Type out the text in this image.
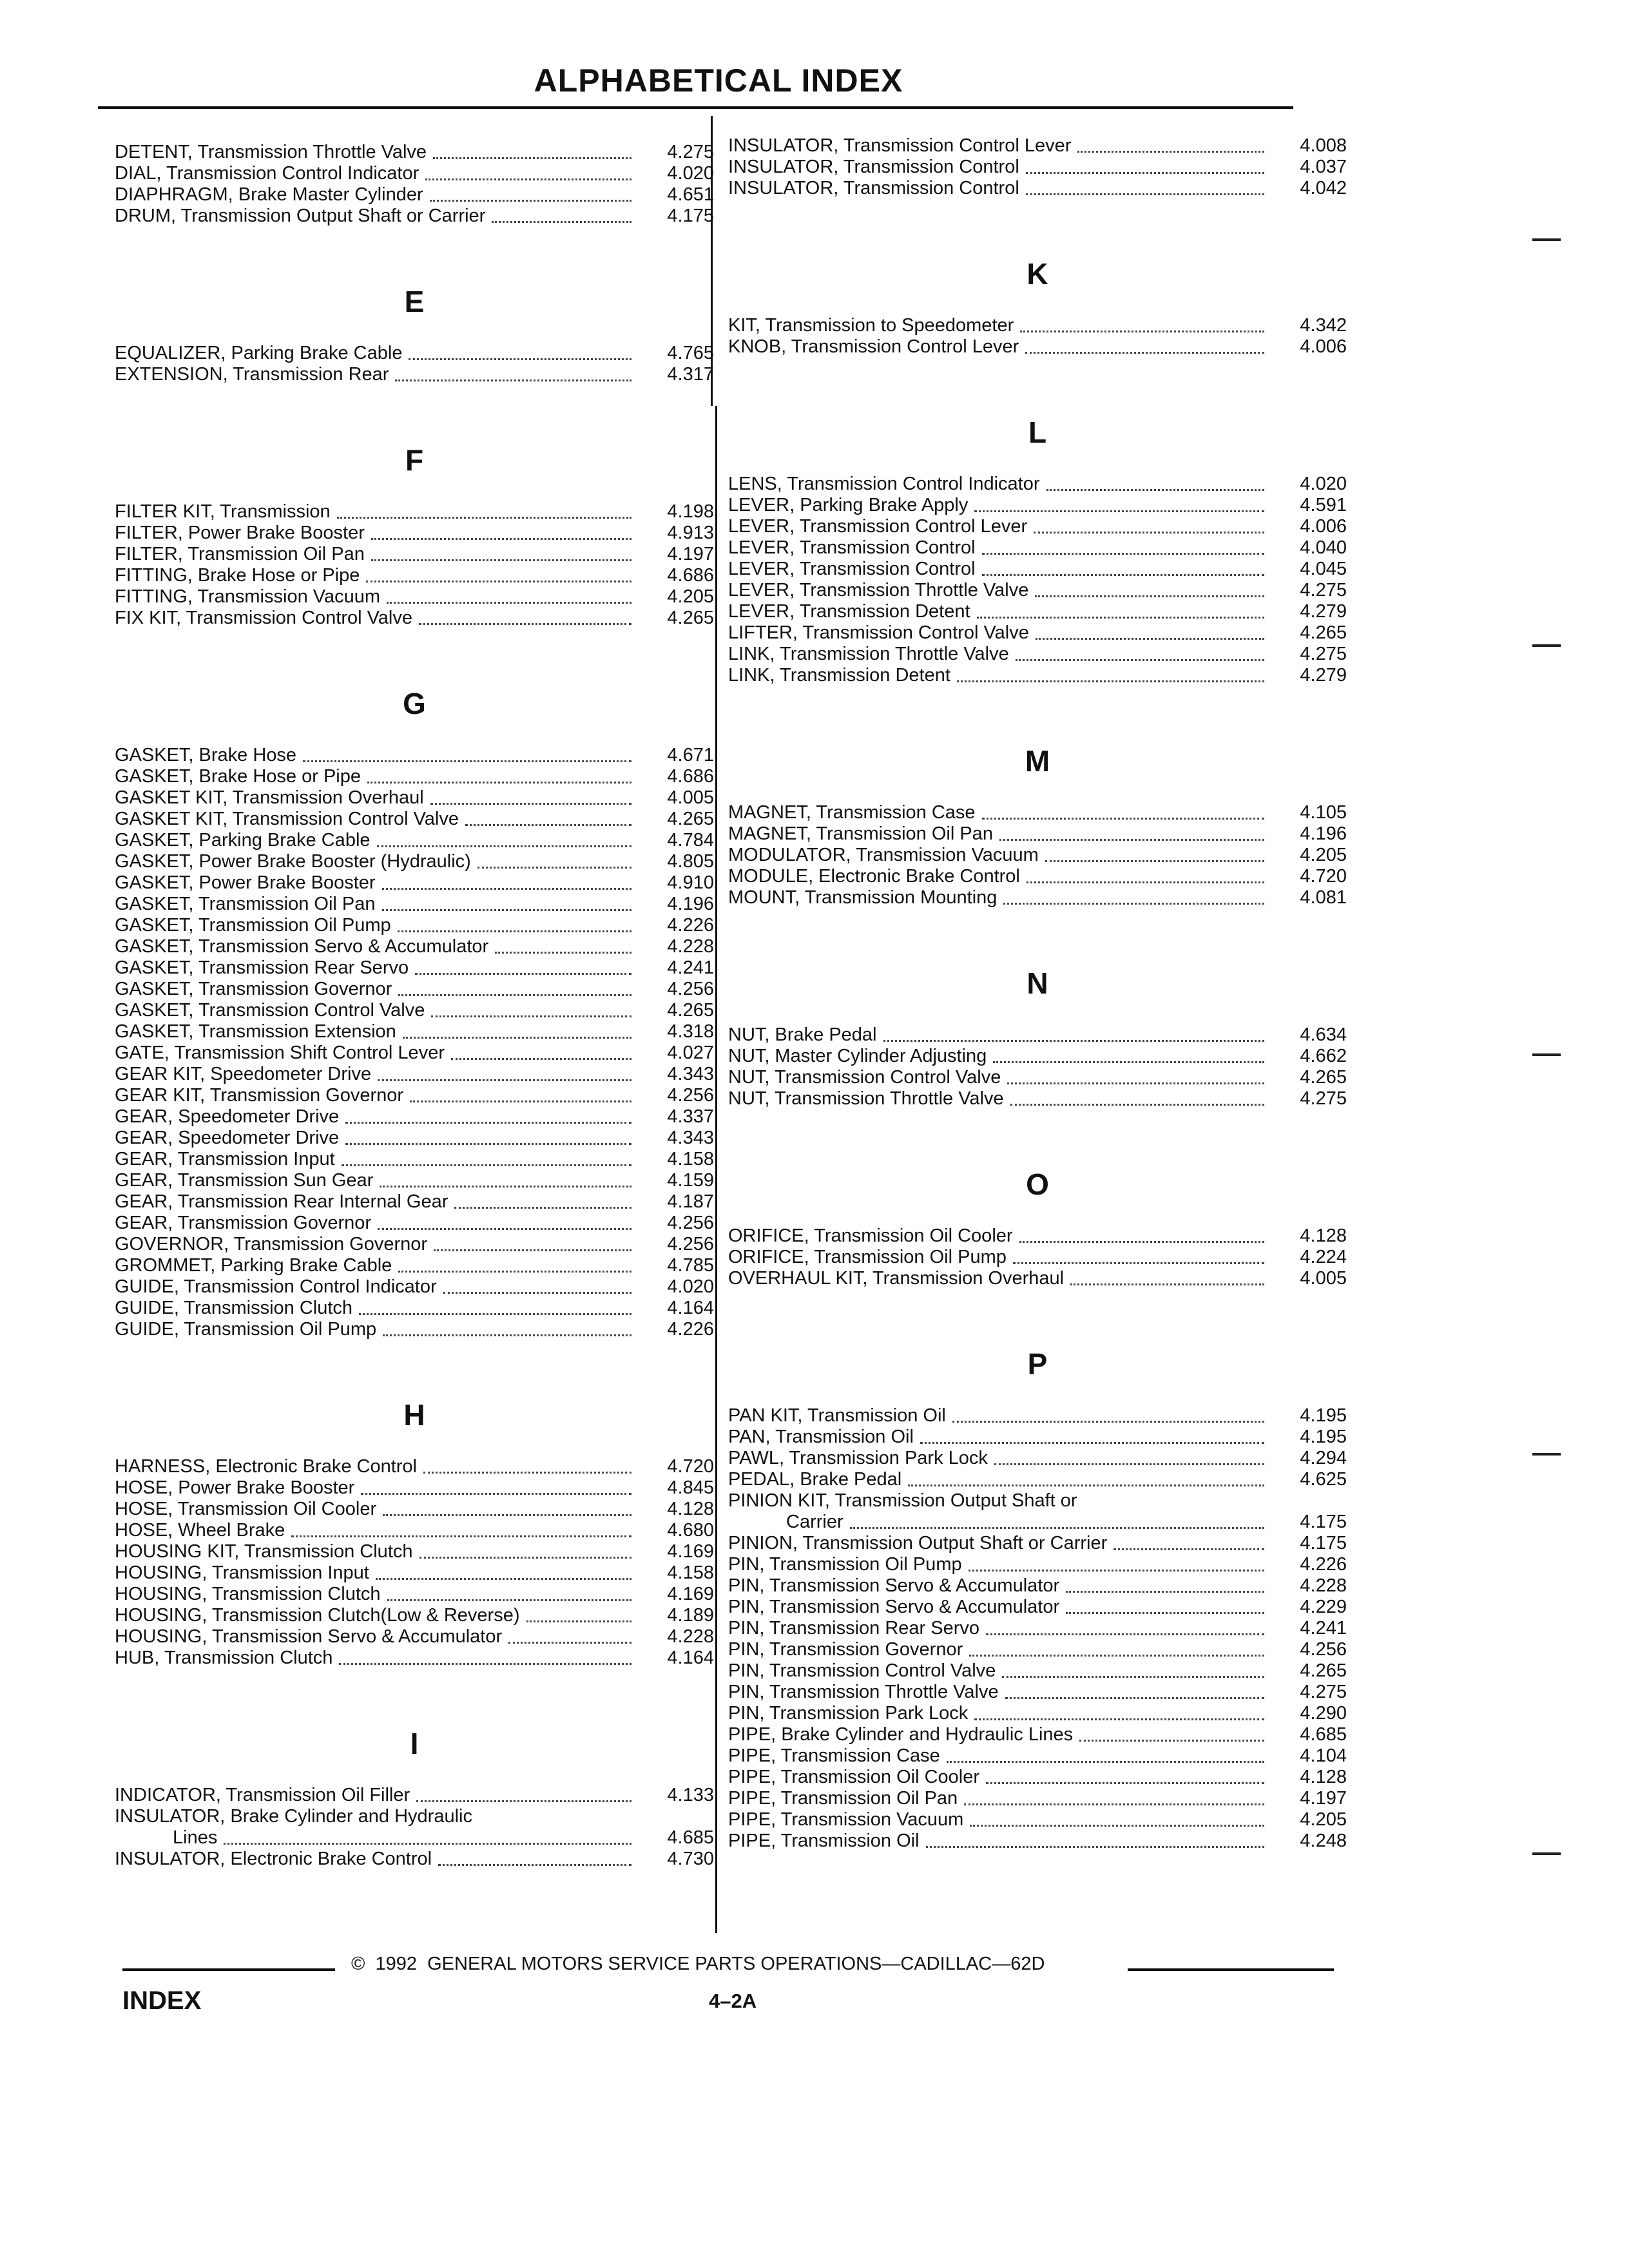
ALPHABETICAL INDEX
DETENT, Transmission Throttle Valve	4.275
DIAL, Transmission Control Indicator	4.020
DIAPHRAGM, Brake Master Cylinder	4.651
DRUM, Transmission Output Shaft or Carrier	4.175
E
EQUALIZER, Parking Brake Cable	4.765
EXTENSION, Transmission Rear	4.317
F
FILTER KIT, Transmission	4.198
FILTER, Power Brake Booster	4.913
FILTER, Transmission Oil Pan	4.197
FITTING, Brake Hose or Pipe	4.686
FITTING, Transmission Vacuum	4.205
FIX KIT, Transmission Control Valve	4.265
G
GASKET, Brake Hose	4.671
GASKET, Brake Hose or Pipe	4.686
GASKET KIT, Transmission Overhaul	4.005
GASKET KIT, Transmission Control Valve	4.265
GASKET, Parking Brake Cable	4.784
GASKET, Power Brake Booster (Hydraulic)	4.805
GASKET, Power Brake Booster	4.910
GASKET, Transmission Oil Pan	4.196
GASKET, Transmission Oil Pump	4.226
GASKET, Transmission Servo & Accumulator	4.228
GASKET, Transmission Rear Servo	4.241
GASKET, Transmission Governor	4.256
GASKET, Transmission Control Valve	4.265
GASKET, Transmission Extension	4.318
GATE, Transmission Shift Control Lever	4.027
GEAR KIT, Speedometer Drive	4.343
GEAR KIT, Transmission Governor	4.256
GEAR, Speedometer Drive	4.337
GEAR, Speedometer Drive	4.343
GEAR, Transmission Input	4.158
GEAR, Transmission Sun Gear	4.159
GEAR, Transmission Rear Internal Gear	4.187
GEAR, Transmission Governor	4.256
GOVERNOR, Transmission Governor	4.256
GROMMET, Parking Brake Cable	4.785
GUIDE, Transmission Control Indicator	4.020
GUIDE, Transmission Clutch	4.164
GUIDE, Transmission Oil Pump	4.226
H
HARNESS, Electronic Brake Control	4.720
HOSE, Power Brake Booster	4.845
HOSE, Transmission Oil Cooler	4.128
HOSE, Wheel Brake	4.680
HOUSING KIT, Transmission Clutch	4.169
HOUSING, Transmission Input	4.158
HOUSING, Transmission Clutch	4.169
HOUSING, Transmission Clutch(Low & Reverse)	4.189
HOUSING, Transmission Servo & Accumulator	4.228
HUB, Transmission Clutch	4.164
I
INDICATOR, Transmission Oil Filler	4.133
INSULATOR, Brake Cylinder and Hydraulic
Lines	4.685
INSULATOR, Electronic Brake Control	4.730
INSULATOR, Transmission Control Lever	4.008
INSULATOR, Transmission Control	4.037
INSULATOR, Transmission Control	4.042
K
KIT, Transmission to Speedometer	4.342
KNOB, Transmission Control Lever	4.006
L
LENS, Transmission Control Indicator	4.020
LEVER, Parking Brake Apply	4.591
LEVER, Transmission Control Lever	4.006
LEVER, Transmission Control	4.040
LEVER, Transmission Control	4.045
LEVER, Transmission Throttle Valve	4.275
LEVER, Transmission Detent	4.279
LIFTER, Transmission Control Valve	4.265
LINK, Transmission Throttle Valve	4.275
LINK, Transmission Detent	4.279
M
MAGNET, Transmission Case	4.105
MAGNET, Transmission Oil Pan	4.196
MODULATOR, Transmission Vacuum	4.205
MODULE, Electronic Brake Control	4.720
MOUNT, Transmission Mounting	4.081
N
NUT, Brake Pedal	4.634
NUT, Master Cylinder Adjusting	4.662
NUT, Transmission Control Valve	4.265
NUT, Transmission Throttle Valve	4.275
O
ORIFICE, Transmission Oil Cooler	4.128
ORIFICE, Transmission Oil Pump	4.224
OVERHAUL KIT, Transmission Overhaul	4.005
P
PAN KIT, Transmission Oil	4.195
PAN, Transmission Oil	4.195
PAWL, Transmission Park Lock	4.294
PEDAL, Brake Pedal	4.625
PINION KIT, Transmission Output Shaft or
Carrier	4.175
PINION, Transmission Output Shaft or Carrier	4.175
PIN, Transmission Oil Pump	4.226
PIN, Transmission Servo & Accumulator	4.228
PIN, Transmission Servo & Accumulator	4.229
PIN, Transmission Rear Servo	4.241
PIN, Transmission Governor	4.256
PIN, Transmission Control Valve	4.265
PIN, Transmission Throttle Valve	4.275
PIN, Transmission Park Lock	4.290
PIPE, Brake Cylinder and Hydraulic Lines	4.685
PIPE, Transmission Case	4.104
PIPE, Transmission Oil Cooler	4.128
PIPE, Transmission Oil Pan	4.197
PIPE, Transmission Vacuum	4.205
PIPE, Transmission Oil	4.248
©  1992  GENERAL MOTORS SERVICE PARTS OPERATIONS—CADILLAC—62D
INDEX	4–2A
